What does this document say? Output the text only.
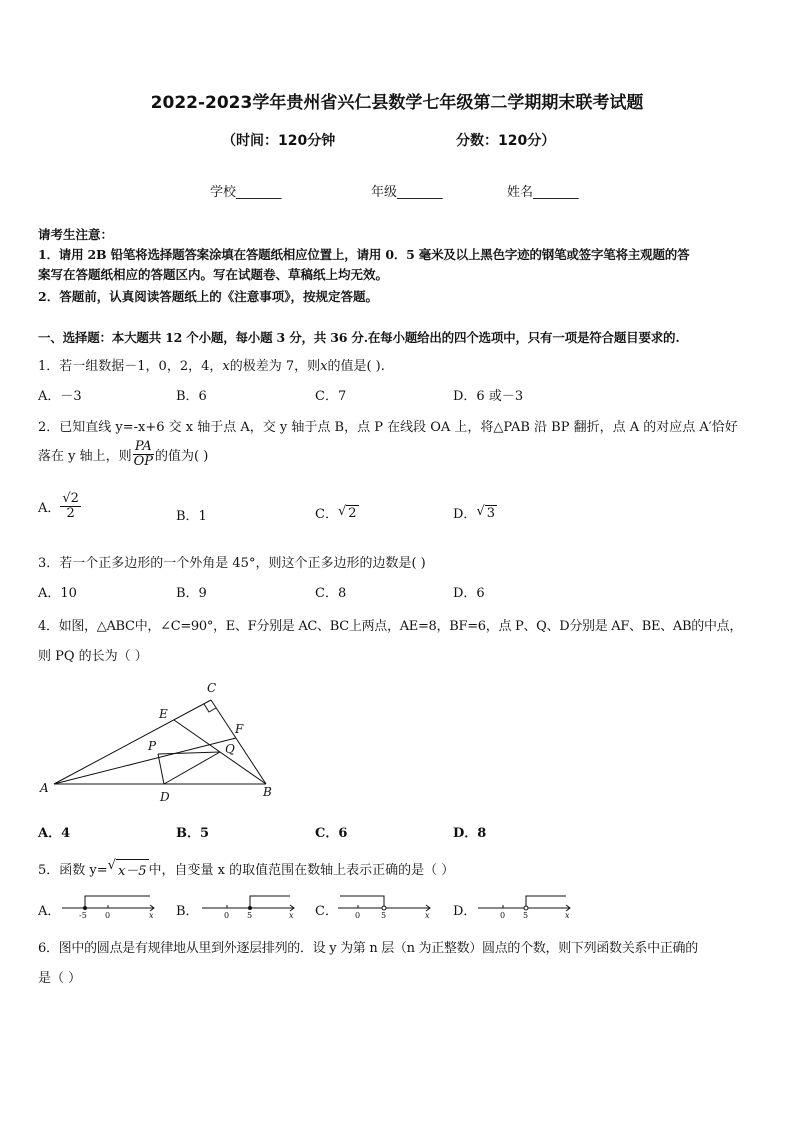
2022-2023学年贵州省兴仁县数学七年级第二学期期末联考试题
（时间：120分钟	分数：120分）
学校_______	年级_______	姓名_______
请考生注意：
1．请用 2B 铅笔将选择题答案涂填在答题纸相应位置上，请用 0．5 毫米及以上黑色字迹的钢笔或签字笔将主观题的答
案写在答题纸相应的答题区内。写在试题卷、草稿纸上均无效。
2．答题前，认真阅读答题纸上的《注意事项》，按规定答题。
一、选择题：本大题共 12 个小题，每小题 3 分，共 36 分.在每小题给出的四个选项中，只有一项是符合题目要求的.
1．若一组数据－1，0，2，4，x的极差为 7，则x的值是( ).
A．－3	B．6	C．7	D．6 或－3
2．已知直线 y=-x+6 交 x 轴于点 A，交 y 轴于点 B，点 P 在线段 OA 上，将△PAB 沿 BP 翻折，点 A 的对应点 A′恰好
落在 y 轴上，则 $\frac{PA}{OP}$ 的值为( )
A． $\frac{√2}{2}$	B．1	C． √ 2	D． √ 3
3．若一个正多边形的一个外角是 45°，则这个正多边形的边数是( )
A．10	B．9	C．8	D．6
4．如图，△ABC中，∠C=90°，E、F分别是 AC、BC上两点，AE=8，BF=6，点 P、Q、D分别是 AF、BE、AB的中点，
则 PQ 的长为（ ）
C
E
F
P	Q
A
D	B
A．4	B．5	C．6	D．8
5．函数 y= √ x－5 中，自变量 x 的取值范围在数轴上表示正确的是（ ）
A． -5 0	x B．	0 5	x C． 0	5	x D．	0 5	x
6．图中的圆点是有规律地从里到外逐层排列的．设 y 为第 n 层（n 为正整数）圆点的个数，则下列函数关系中正确的
是（ ）
